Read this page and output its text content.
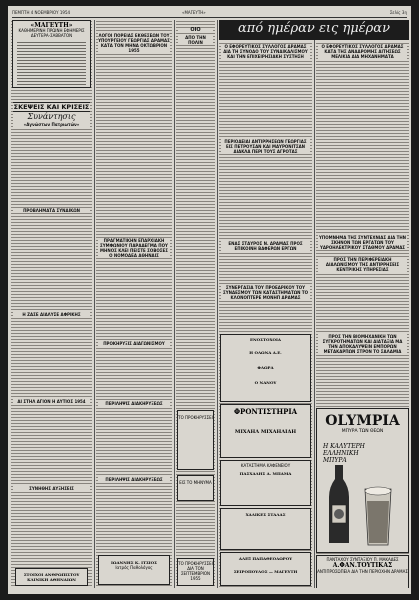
ΠΕΜΠΤΗ 4 ΝΟΕΜΒΡΙΟΥ 1954	«ΜΑΓΕΥΤΗ»	Σελίς 3η
«ΜΑΓΕΥΤΗ»
ΚΑΘΗΜΕΡΙΝΗ ΠΡΩΙΝΗ ΕΦΗΜΕΡΙΣ
ΔΕΥΤΕΡΑ-ΣΑΒΒΑΤΟΝ
ΣΚΕΨΕΙΣ ΚΑΙ ΚΡΙΣΕΙΣ
Συνάντησις
«Αγνώστων Πατριωτών»
ΠΡΟΒΛΗΜΑΤΑ ΣΥΝΔΙΚΩΝ
Η ΖΑΣΕ ΔΙΑΛΥΣΕ ΑΦΡΙΚΗΣ
ΑΙ ΣΤΗΛ ΑΓΙΟΝ Η ΑΥΤΙΟΣ 1954
ΣΥΝΗΘΗΣ ΑΥΞΗΣΕΙΣ
ΣΤΟΙΧΟΙ ΑΝΘΡΩΠΙΣΤΟΥ ΚΛΙΝΙΚΗ ΑΘΗΝΑΙΩΝ
ΛΟΓΟΙ ΠΟΡΕΙΑΣ ΕΚΘΕΣΕΩΝ ΤΟΥ ΥΠΟΥΡΓΕΙΟΥ ΓΕΩΡΓΙΑΣ ΔΡΑΜΑΣ ΚΑΤΑ ΤΟΝ ΜΗΝΑ ΟΚΤΩΒΡΙΟΝ 1955
ΠΡΑΓΜΑΤΙΚΗΝ ΕΠΑΡΧΙΑΚΗ ΣΥΜΦΩΝΙΟΥ ΠΑΡΑΔΕΓΜΑ ΠΟΥ ΜΗΝΟΣ ΚΛΕΙ ΠΕΙΣΤΕ ΣΟΒΟΣΕΣ Ο ΝΟΜΟΔΕΑ ΑΘΗΝΑΙΣ
ΠΡΟΚΗΡΥΞΙΣ ΔΙΑΓΩΝΙΣΜΟΥ
ΠΕΡΙΛΗΨΙΣ ΔΙΑΚΗΡΥΞΕΩΣ
ΠΕΡΙΛΗΨΙΣ ΔΙΑΚΗΡΥΞΕΩΣ
ΙΩΑΝΝΗΣ Κ. ΙΤΣΙΟΣ
Ιατρός Παθολόγος
ΟΙΟ
ΑΠΟ ΤΗΝ ΠΟΛΙΝ
ΤΟ ΠΡΟΚΗΡΥΣΣΕΙ
ΕΙΣ ΤΟ ΜΗΝΥΜΑ
ΤΟ ΠΡΟΚΗΡΥΣΣΕΙ ΔΙΑ ΤΟΝ ΣΕΠΤΕΜΒΡΙΟΝ 1955
από ημέραν εις ημέραν
Ο ΕΦΟΡΕΥΤΙΚΟΣ ΣΥΛΛΟΓΟΣ ΔΡΑΜΑΣ ΔΙΑ ΤΗ ΣΥΝΟΔΟ ΤΟΥ ΣΥΝΔΙΚΑΛΙΣΜΟΥ ΚΑΙ ΤΗΝ ΕΠΙΧΕΙΡΗΣΙΑΚΗ ΣΥΣΤΗΣΗ
ΠΕΡΙΟΔΕΙΑΙ ΑΝΤΙΡΡΗΣΕΩΝ ΓΕΩΡΓΙΑΣ ΕΙΣ ΠΕΤΡΟΥΣΑΝ ΚΑΙ ΜΑΥΡΟΝΙΤΣΑΝ ΔΙΑΚΛΑ ΠΕΡΙ ΤΟΥΣ ΑΓΡΟΤΑΣ
ΕΝΑΣ ΣΤΑΥΡΟΣ Ν. ΔΡΑΜΑΣ ΠΡΟΣ ΕΠΙΚΟΙΝΗ ΒΑΦΕΡΩΝ ΕΡΓΩΝ
ΣΥΝΕΡΓΑΣΙΑ ΤΟΥ ΠΡΟΕΔΡΙΚΟΥ ΤΟΥ ΣΥΝΔΕΣΜΟΥ ΤΩΝ ΚΑΤΑΣΤΗΜΑΤΩΝ ΤΟ ΚΛΟΝΟΠΤΕΡΕ ΜΟΝΗΠ ΔΡΑΜΑΣ
ΕΝΟΣΤΟΧΟΙΑ
Η ΟΛΩΝΑ Α.Ε.
ΦΛΩΡΑ
Ο ΝΑΝΟΥ
ΦΡΟΝΤΙΣΤΗΡΙΑ
ΜΙΧΑΗΛ ΜΙΧΑΗΛΙΔΗ
ΚΑΤΑΣΤΗΜΑ ΚΑΦΕΝΕΙΟΥ
ΠΑΣΧΑΛΗΣ Α. ΜΠΑΜΑ
ΧΑΛΙΚΕΣ ΣΤΑΛΑΣ
ΑΛΕΞ ΠΑΠΑΘΕΟΔΩΡΟΥ
ΣΕΙΡΟΠΟΥΛΟΣ — ΜΑΓΕΥΤΗ
Ο ΕΦΟΡΕΥΤΙΚΟΣ ΣΥΛΛΟΓΟΣ ΔΡΑΜΑΣ ΚΑΤΑ ΤΗΣ ΑΝΑΔΡΟΜΗΣ ΑΙΤΗΣΕΩΣ ΜΕΛΙΚΙΑ ΔΙΑ ΜΗΧΑΝΗΜΑΤΑ
ΥΠΟΜΝΗΜΑ ΤΗΣ ΣΥΝΤΕΧΝΙΑΣ ΔΙΑ ΤΗΝ ΣΚΗΝΟΝ ΤΩΝ ΕΡΓΑΤΩΝ ΤΟΥ ΥΔΡΟΗΛΕΚΤΡΙΚΟΥ ΣΤΑΘΜΟΥ ΔΡΑΜΑΣ
ΠΡΟΣ ΤΗΝ ΠΕΡΙΦΕΡΕΙΑΚΗ ΔΙΑΛΩΝΙΣΜΟΥ ΤΗΣ ΑΝΤΙΡΡΗΣΕΙΣ ΚΕΝΤΡΙΚΗΣ ΥΠΗΡΕΣΙΑΣ
ΠΡΟΣ ΤΗΝ ΒΙΟΜΗΧΑΝΙΚΗ ΤΩΝ ΣΥΓΚΡΟΤΗΜΑΤΩΝ ΚΑΙ ΔΙΑΤΑΞΙΑ ΜΑ ΤΗΝ ΑΠΟΚΑΛΥΨΕΙΝ ΕΜΠΟΡΩΝ ΜΕΤΑΚΑΡΠΩΝ ΣΤΡΟΝ ΤΟ ΣΑΛΑΜΙΑ
OLYMPIA
ΜΠΥΡΑ ΤΩΝ ΘΕΩΝ
Η ΚΑΛΥΤΕΡΗ
ΕΛΛΗΝΙΚΗ
ΜΠΥΡΑ
ΠΑΝΤΑΧΟΥ ΣΥΝΤΑΞΙΟΥ Π. ΜΑΚΑΔΕΣ
Α.ΦΑΝ.ΤΟΥΤΙΚΑΣ
ΑΝΤΙΠΡΟΣΩΠΕΙΑ ΔΙΑ ΤΗΝ ΠΕΡΙΟΧΗΝ ΔΡΑΜΑΣ
